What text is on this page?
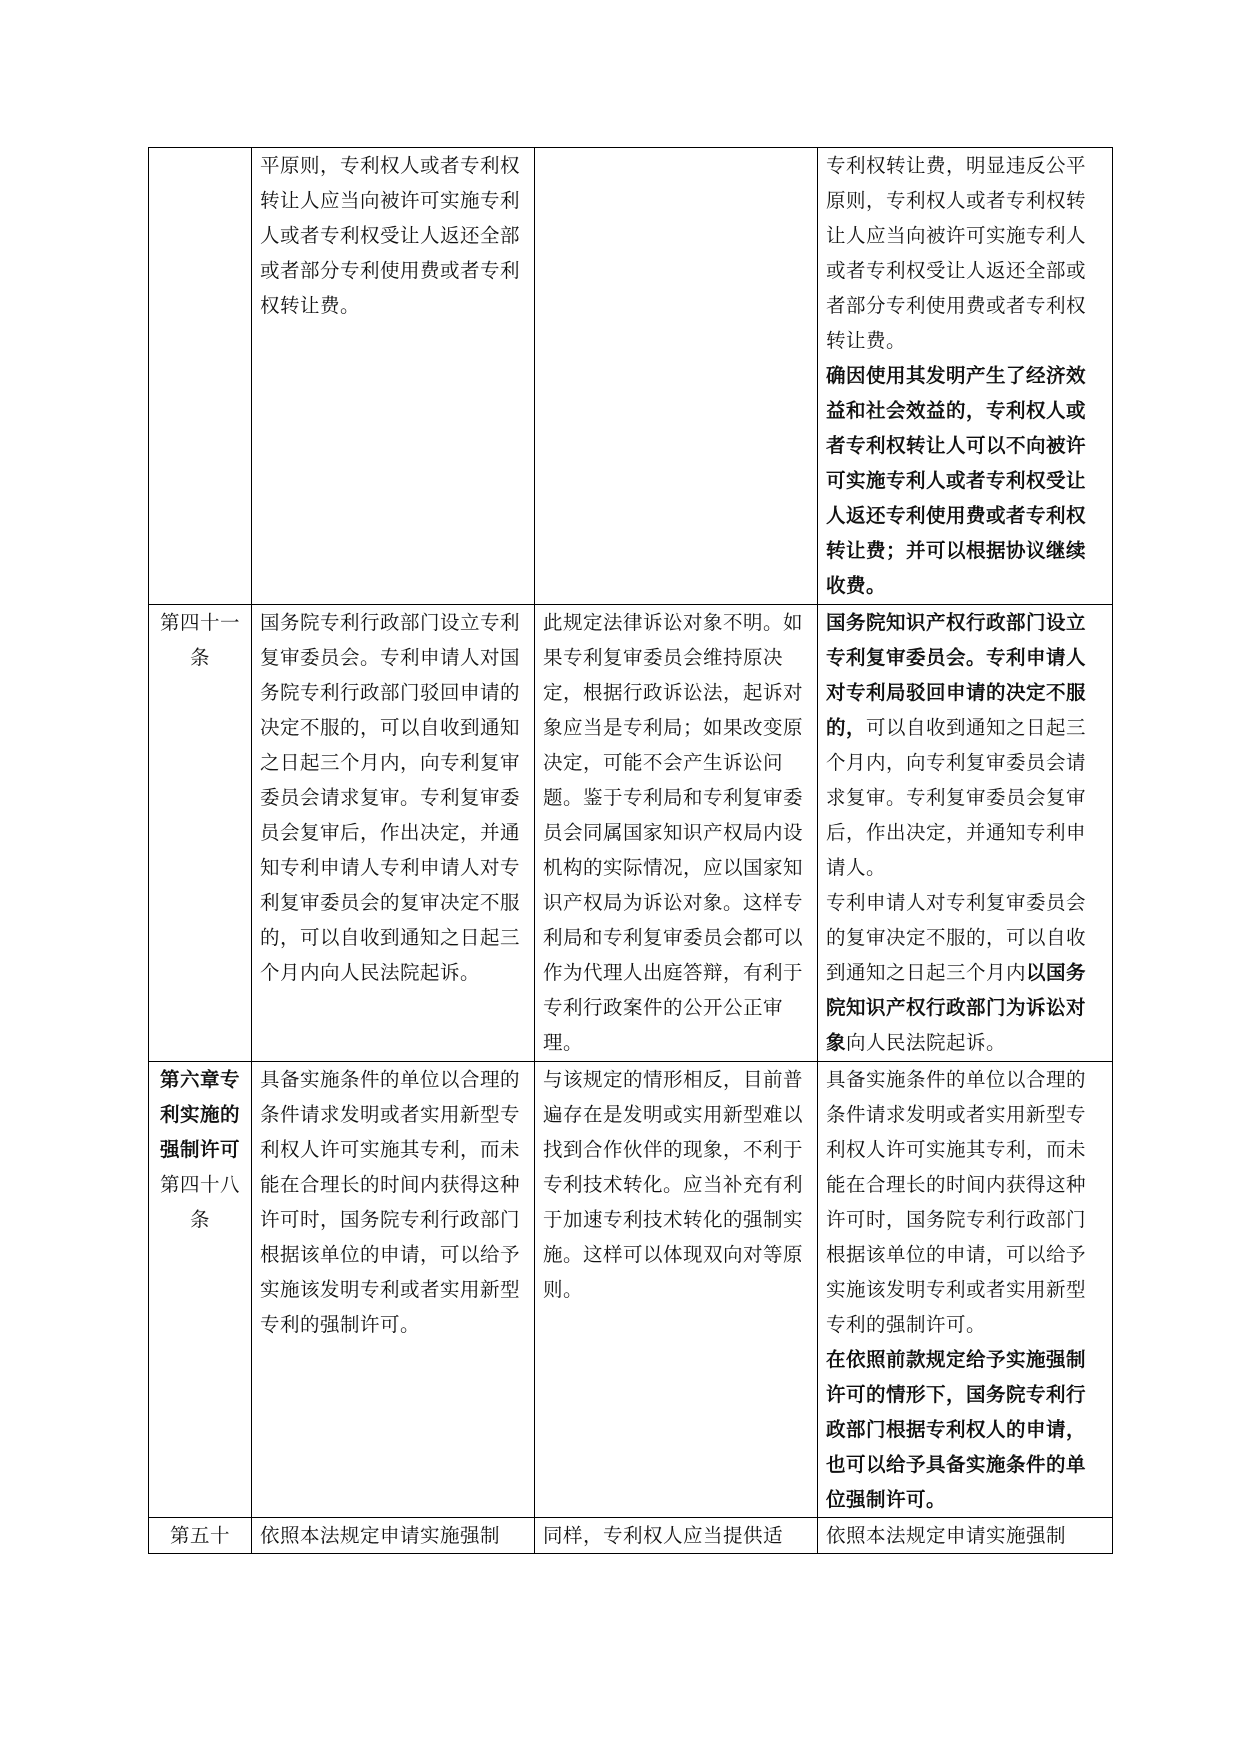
	平原则，专利权人或者专利权转让人应当向被许可实施专利人或者专利权受让人返还全部或者部分专利使用费或者专利权转让费。		专利权转让费，明显违反公平原则，专利权人或者专利权转让人应当向被许可实施专利人或者专利权受让人返还全部或者部分专利使用费或者专利权转让费。
确因使用其发明产生了经济效益和社会效益的，专利权人或者专利权转让人可以不向被许可实施专利人或者专利权受让人返还专利使用费或者专利权转让费；并可以根据协议继续收费。

第四十一条	国务院专利行政部门设立专利复审委员会。专利申请人对国务院专利行政部门驳回申请的决定不服的，可以自收到通知之日起三个月内，向专利复审委员会请求复审。专利复审委员会复审后，作出决定，并通知专利申请人专利申请人对专利复审委员会的复审决定不服的，可以自收到通知之日起三个月内向人民法院起诉。	此规定法律诉讼对象不明。如果专利复审委员会维持原决定，根据行政诉讼法，起诉对象应当是专利局；如果改变原决定，可能不会产生诉讼问题。鉴于专利局和专利复审委员会同属国家知识产权局内设机构的实际情况，应以国家知识产权局为诉讼对象。这样专利局和专利复审委员会都可以作为代理人出庭答辩，有利于专利行政案件的公开公正审理。	国务院知识产权行政部门设立专利复审委员会。专利申请人对专利局驳回申请的决定不服的，可以自收到通知之日起三个月内，向专利复审委员会请求复审。专利复审委员会复审后，作出决定，并通知专利申请人。
专利申请人对专利复审委员会的复审决定不服的，可以自收到通知之日起三个月内以国务院知识产权行政部门为诉讼对象向人民法院起诉。

第六章专利实施的强制许可
第四十八条	具备实施条件的单位以合理的条件请求发明或者实用新型专利权人许可实施其专利，而未能在合理长的时间内获得这种许可时，国务院专利行政部门根据该单位的申请，可以给予实施该发明专利或者实用新型专利的强制许可。	与该规定的情形相反，目前普遍存在是发明或实用新型难以找到合作伙伴的现象，不利于专利技术转化。应当补充有利于加速专利技术转化的强制实施。这样可以体现双向对等原则。	具备实施条件的单位以合理的条件请求发明或者实用新型专利权人许可实施其专利，而未能在合理长的时间内获得这种许可时，国务院专利行政部门根据该单位的申请，可以给予实施该发明专利或者实用新型专利的强制许可。
在依照前款规定给予实施强制许可的情形下，国务院专利行政部门根据专利权人的申请，也可以给予具备实施条件的单位强制许可。

第五十	依照本法规定申请实施强制	同样，专利权人应当提供适	依照本法规定申请实施强制
